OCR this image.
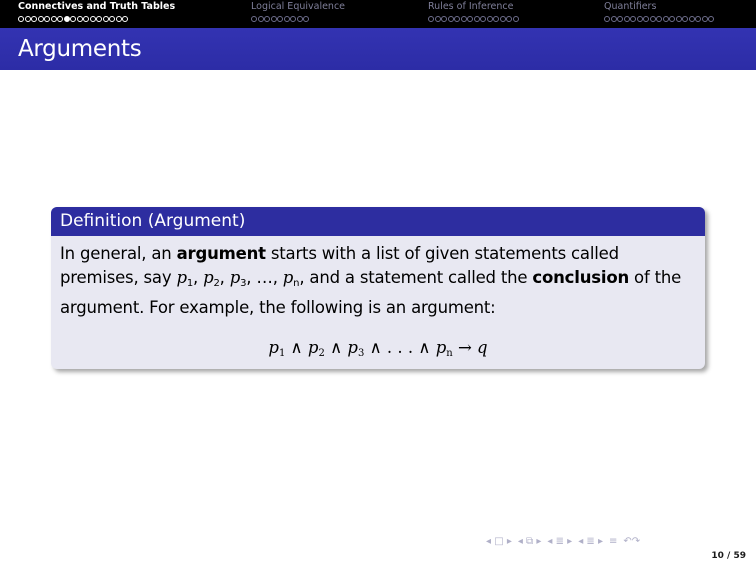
Connectives and Truth Tables	Logical Equivalence	Rules of Inference	Quantifiers
Arguments
Definition (Argument)

In general, an argument starts with a list of given statements called premises, say $p_1$, $p_2$, $p_3$, …, $p_n$, and a statement called the conclusion of the argument. For example, the following is an argument:

$p_1$ ∧ $p_2$ ∧ $p_3$ ∧ . . . ∧ $p_n \to q$
◂ □ ▸ ◂ ⧉ ▸ ◂ ≣ ▸ ◂ ≣ ▸ ≡ ↶↷
10 / 59
